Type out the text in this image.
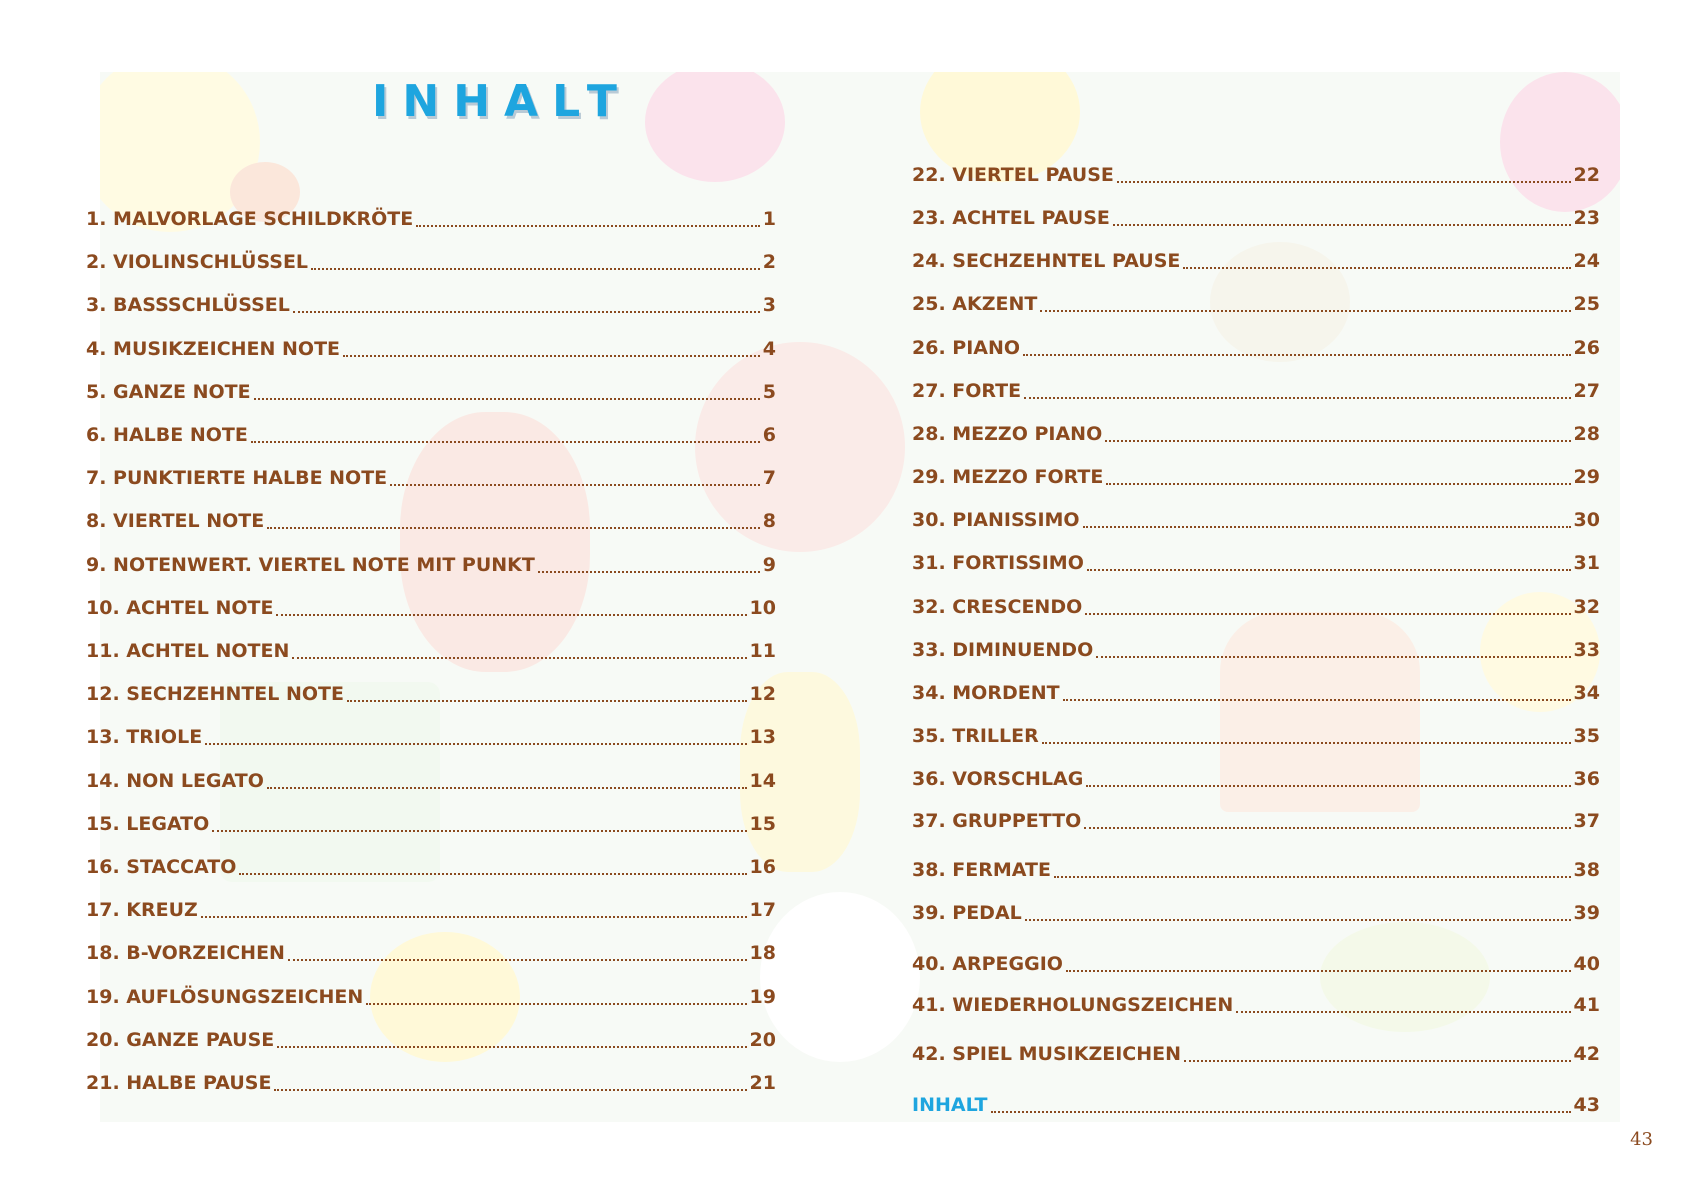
INHALT
1. MALVORLAGE SCHILDKRÖTE	1
2. VIOLINSCHLÜSSEL	2
3. BASSSCHLÜSSEL	3
4. MUSIKZEICHEN NOTE	4
5. GANZE NOTE	5
6. HALBE NOTE	6
7. PUNKTIERTE HALBE NOTE	7
8. VIERTEL NOTE	8
9. NOTENWERT. VIERTEL NOTE MIT PUNKT	9
10. ACHTEL NOTE	10
11. ACHTEL NOTEN	11
12. SECHZEHNTEL NOTE	12
13. TRIOLE	13
14. NON LEGATO	14
15. LEGATO	15
16. STACCATO	16
17. KREUZ	17
18. B-VORZEICHEN	18
19. AUFLÖSUNGSZEICHEN	19
20. GANZE PAUSE	20
21. HALBE PAUSE	21
22. VIERTEL PAUSE	22
23. ACHTEL PAUSE	23
24. SECHZEHNTEL PAUSE	24
25. AKZENT	25
26. PIANO	26
27. FORTE	27
28. MEZZO PIANO	28
29. MEZZO FORTE	29
30. PIANISSIMO	30
31. FORTISSIMO	31
32. CRESCENDO	32
33. DIMINUENDO	33
34. MORDENT	34
35. TRILLER	35
36. VORSCHLAG	36
37. GRUPPETTO	37
38. FERMATE	38
39. PEDAL	39
40. ARPEGGIO	40
41. WIEDERHOLUNGSZEICHEN	41
42. SPIEL MUSIKZEICHEN	42
INHALT	43
43
